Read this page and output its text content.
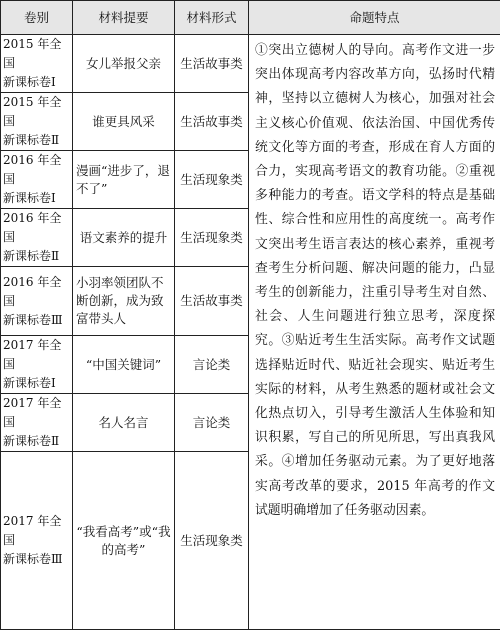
卷别	材料提要	材料形式	命题特点
2015 年全国
新课标卷Ⅰ	女儿举报父亲	生活故事类	①突出立德树人的导向。高考作文进一步突出体现高考内容改革方向，弘扬时代精神，坚持以立德树人为核心，加强对社会主义核心价值观、依法治国、中国优秀传统文化等方面的考查，形成在育人方面的合力，实现高考语文的教育功能。②重视多种能力的考查。语文学科的特点是基础性、综合性和应用性的高度统一。高考作文突出考生语言表达的核心素养，重视考查考生分析问题、解决问题的能力，凸显考生的创新能力，注重引导考生对自然、社会、人生问题进行独立思考，深度探究。③贴近考生生活实际。高考作文试题选择贴近时代、贴近社会现实、贴近考生实际的材料，从考生熟悉的题材或社会文化热点切入，引导考生激活人生体验和知识积累，写自己的所见所思，写出真我风采。④增加任务驱动元素。为了更好地落实高考改革的要求，2015 年高考的作文试题明确增加了任务驱动因素。
2015 年全国
新课标卷Ⅱ	谁更具风采	生活故事类	
2016 年全国
新课标卷Ⅰ	漫画“进步了，退不了”	生活现象类	
2016 年全国
新课标卷Ⅱ	语文素养的提升	生活现象类	
2016 年全国
新课标卷Ⅲ	小羽率领团队不断创新，成为致富带头人	生活故事类	
2017 年全国
新课标卷Ⅰ	“中国关键词”	言论类	
2017 年全国
新课标卷Ⅱ	名人名言	言论类	
2017 年全国
新课标卷Ⅲ	“我看高考”或“我的高考”	生活现象类	
